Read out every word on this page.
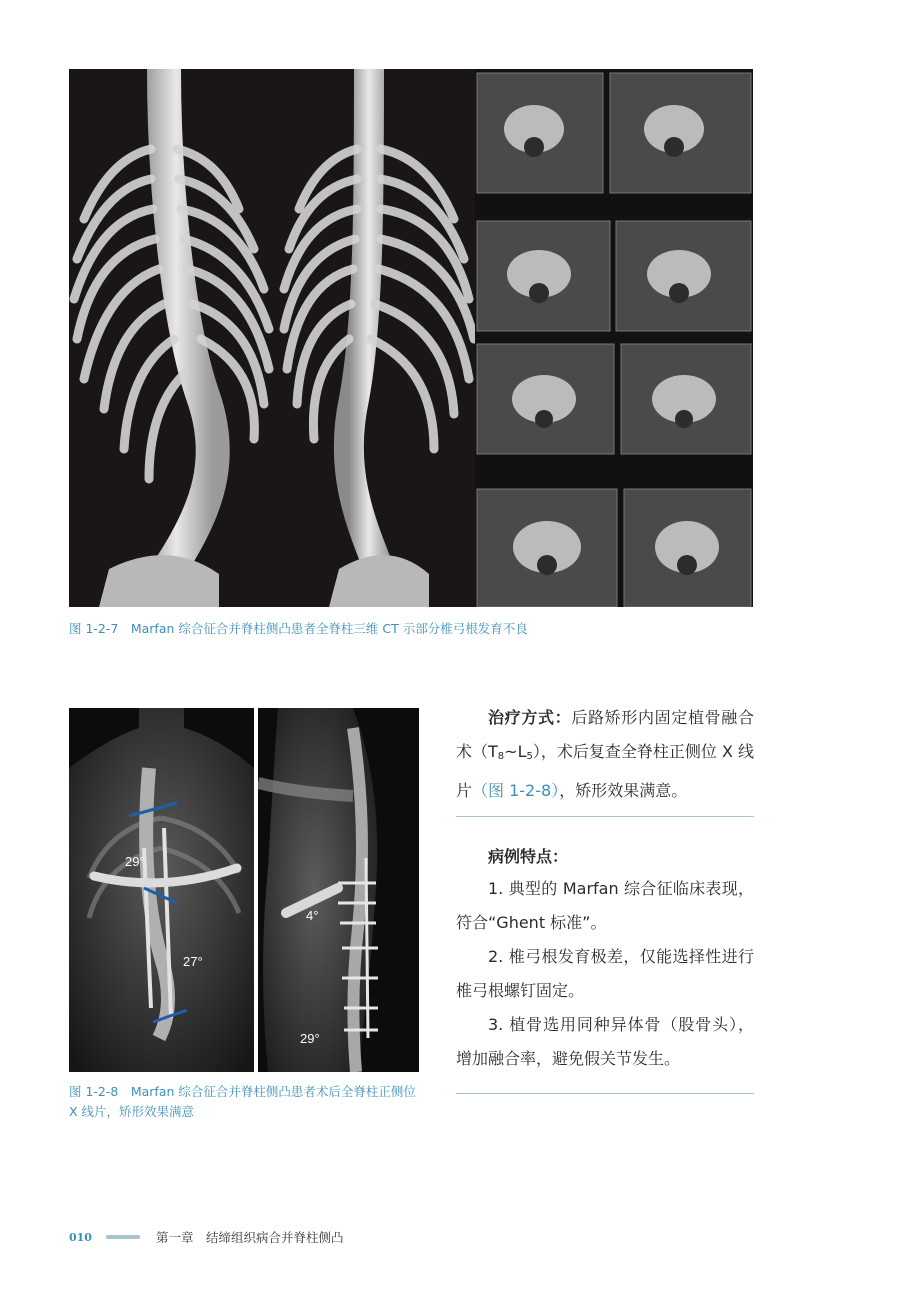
图 1-2-7　Marfan 综合征合并脊柱侧凸患者全脊柱三维 CT 示部分椎弓根发育不良
29°
27°
4°
29°
图 1-2-8　Marfan 综合征合并脊柱侧凸患者术后全脊柱正侧位 X 线片，矫形效果满意
治疗方式：后路矫形内固定植骨融合术$(T_8\sim L_5)$，术后复查全脊柱正侧位 X 线片（图 1-2-8），矫形效果满意。
病例特点：
1. 典型的 Marfan 综合征临床表现，符合“Ghent 标准”。
2. 椎弓根发育极差，仅能选择性进行椎弓根螺钉固定。
3. 植骨选用同种异体骨（股骨头），增加融合率，避免假关节发生。
010	第一章　结缔组织病合并脊柱侧凸
